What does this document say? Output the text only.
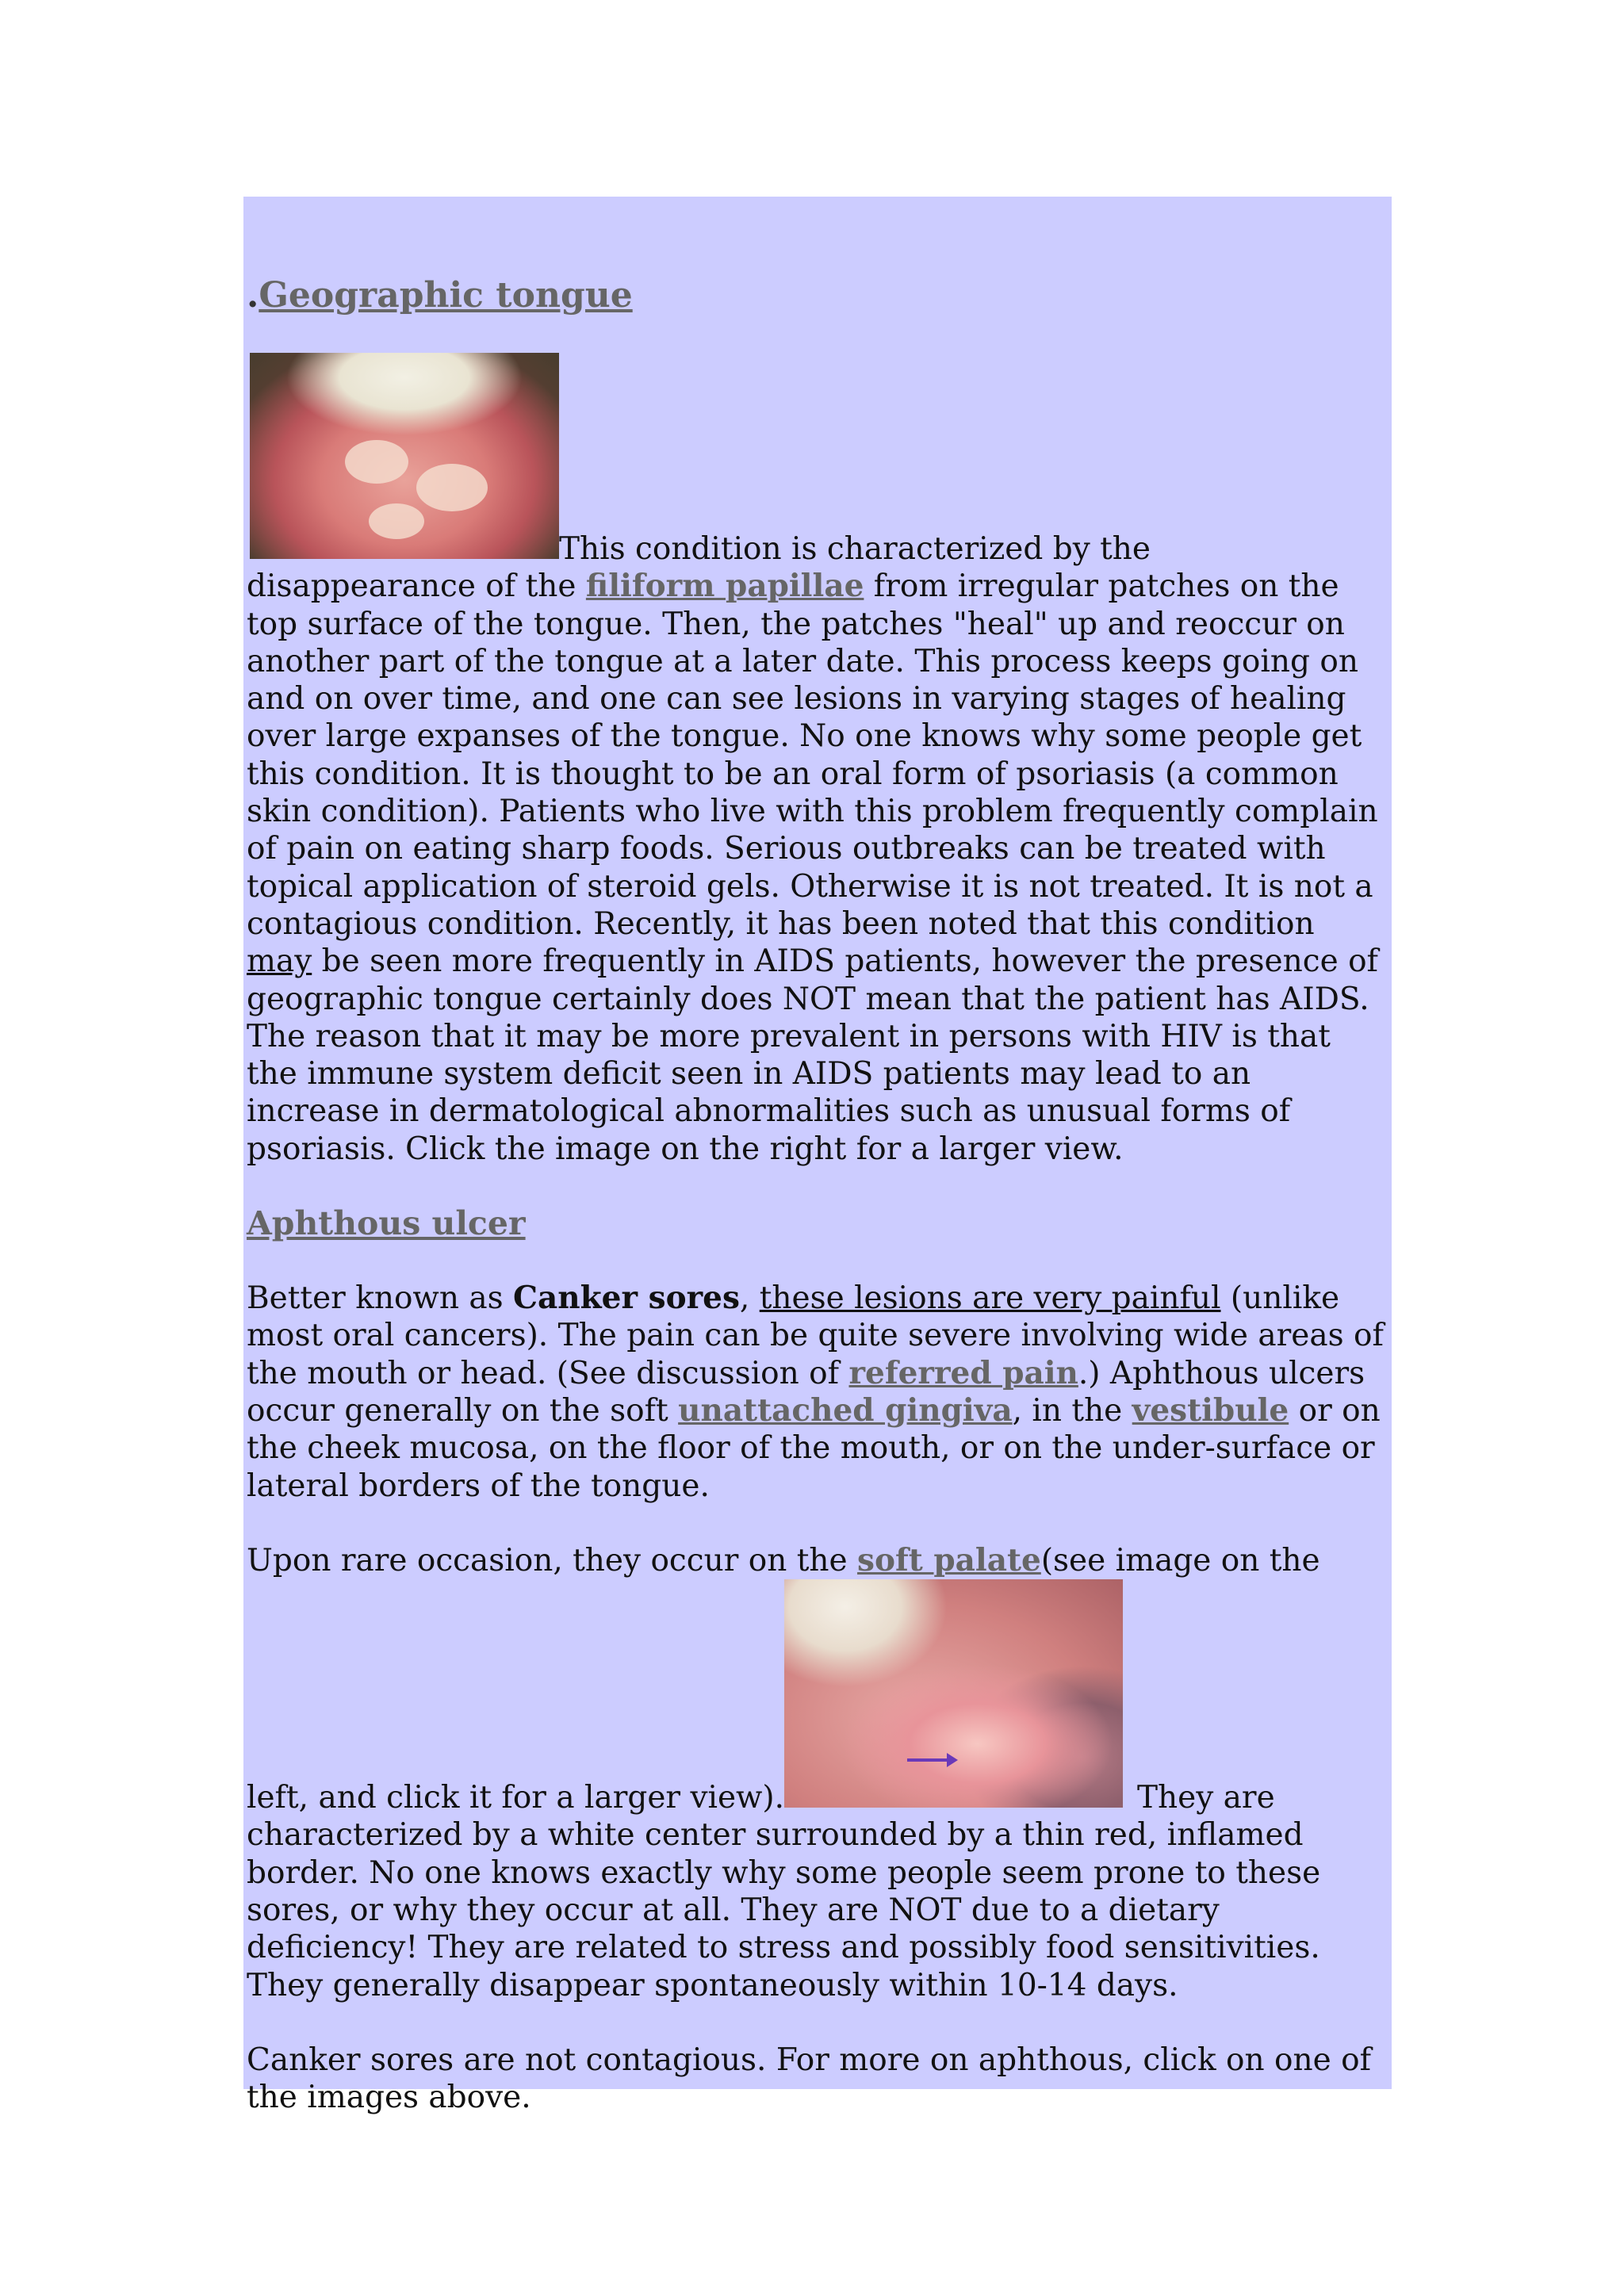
.Geographic tongue

This condition is characterized by the disappearance of the filiform papillae from irregular patches on the top surface of the tongue. Then, the patches "heal" up and reoccur on another part of the tongue at a later date. This process keeps going on and on over time, and one can see lesions in varying stages of healing over large expanses of the tongue. No one knows why some people get this condition. It is thought to be an oral form of psoriasis (a common skin condition). Patients who live with this problem frequently complain of pain on eating sharp foods. Serious outbreaks can be treated with topical application of steroid gels. Otherwise it is not treated. It is not a contagious condition. Recently, it has been noted that this condition may be seen more frequently in AIDS patients, however the presence of geographic tongue certainly does NOT mean that the patient has AIDS. The reason that it may be more prevalent in persons with HIV is that the immune system deficit seen in AIDS patients may lead to an increase in dermatological abnormalities such as unusual forms of psoriasis. Click the image on the right for a larger view.

Aphthous ulcer

Better known as Canker sores, these lesions are very painful (unlike most oral cancers). The pain can be quite severe involving wide areas of the mouth or head. (See discussion of referred pain.) Aphthous ulcers occur generally on the soft unattached gingiva, in the vestibule or on the cheek mucosa, on the floor of the mouth, or on the under-surface or lateral borders of the tongue.

Upon rare occasion, they occur on the soft palate(see image on the left, and click it for a larger view).	They are characterized by a white center surrounded by a thin red, inflamed border. No one knows exactly why some people seem prone to these sores, or why they occur at all. They are NOT due to a dietary deficiency! They are related to stress and possibly food sensitivities. They generally disappear spontaneously within 10-14 days.

Canker sores are not contagious. For more on aphthous, click on one of the images above.
